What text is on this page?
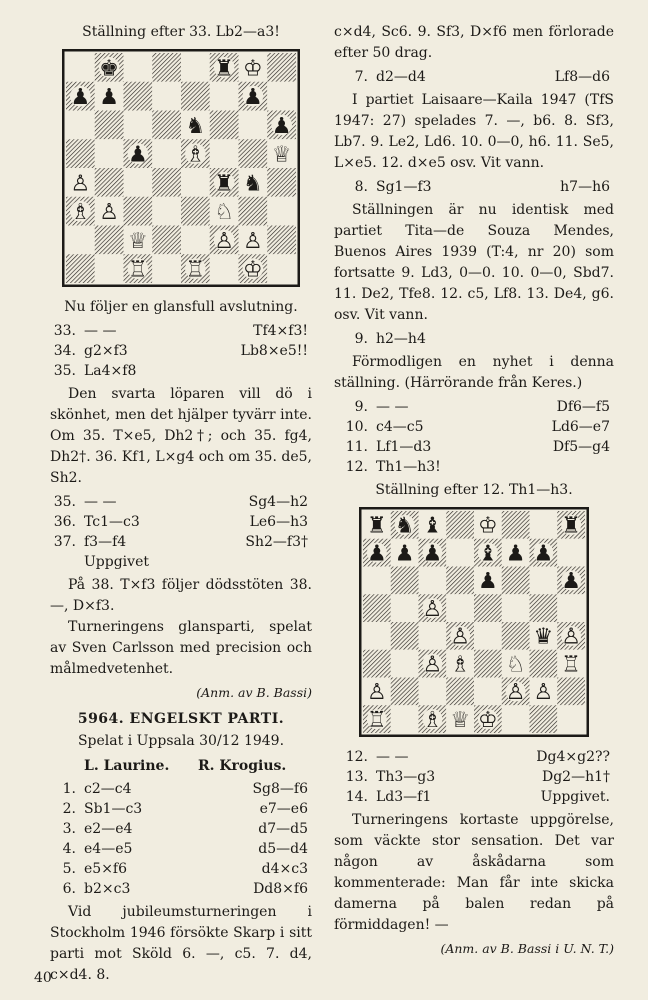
Ställning efter 33. Lb2—a3!

♚	♜ ♔
♟ ♟	♟
♞	♟
♟ ♗	♕
♙	♜ ♞
♗ ♙	♘
♕	♙ ♙
♖ ♖ ♔

Nu följer en glansfull avslutning.

33.	— —	Tf4×f3!
34.	g2×f3	Lb8×e5!!
35.	La4×f8	

Den svarta löparen vill dö i skönhet, men det hjälper tyvärr inte. Om 35. T×e5, Dh2†; och 35. fg4, Dh2†. 36. Kf1, L×g4 och om 35. de5, Sh2.

35.	— —	Sg4—h2
36.	Tc1—c3	Le6—h3
37.	f3—f4	Sh2—f3†
	Uppgivet	

På 38. T×f3 följer dödsstöten 38. —, D×f3.

Turneringens glansparti, spelat av Sven Carlsson med precision och målmedvetenhet.

(Anm. av B. Bassi)

5964. ENGELSKT PARTI.

Spelat i Uppsala 30/12 1949.

	L. Laurine.	R. Krogius.
1.	c2—c4	Sg8—f6
2.	Sb1—c3	e7—e6
3.	e2—e4	d7—d5
4.	e4—e5	d5—d4
5.	e5×f6	d4×c3
6.	b2×c3	Dd8×f6

Vid jubileumsturneringen i Stockholm 1946 försökte Skarp i sitt parti mot Sköld 6. —, c5. 7. d4, c×d4. 8.

c×d4, Sc6. 9. Sf3, D×f6 men förlorade efter 50 drag.

7.	d2—d4	Lf8—d6

I partiet Laisaare—Kaila 1947 (TfS 1947: 27) spelades 7. —, b6. 8. Sf3, Lb7. 9. Le2, Ld6. 10. 0—0, h6. 11. Se5, L×e5. 12. d×e5 osv. Vit vann.

8.	Sg1—f3	h7—h6

Ställningen är nu identisk med partiet Tita—de Souza Mendes, Buenos Aires 1939 (T:4, nr 20) som fortsatte 9. Ld3, 0—0. 10. 0—0, Sbd7. 11. De2, Tfe8. 12. c5, Lf8. 13. De4, g6. osv. Vit vann.

9.	h2—h4	

Förmodligen en nyhet i denna ställning. (Härrörande från Keres.)

9.	— —	Df6—f5
10.	c4—c5	Ld6—e7
11.	Lf1—d3	Df5—g4
12.	Th1—h3!	

Ställning efter 12. Th1—h3.

♜ ♞ ♝ ♔	♜
♟ ♟ ♟ ♝ ♟ ♟
♟	♟
♙
♙	♛ ♙
♙ ♗ ♘ ♖
♙	♙ ♙
♖ ♗ ♕ ♔
12.	— —	Dg4×g2??
13.	Th3—g3	Dg2—h1†
14.	Ld3—f1	Uppgivet.

Turneringens kortaste uppgörelse, som väckte stor sensation. Det var någon av åskådarna som kommenterade: Man får inte skicka damerna på balen redan på förmiddagen! —

(Anm. av B. Bassi i U. N. T.)

40
